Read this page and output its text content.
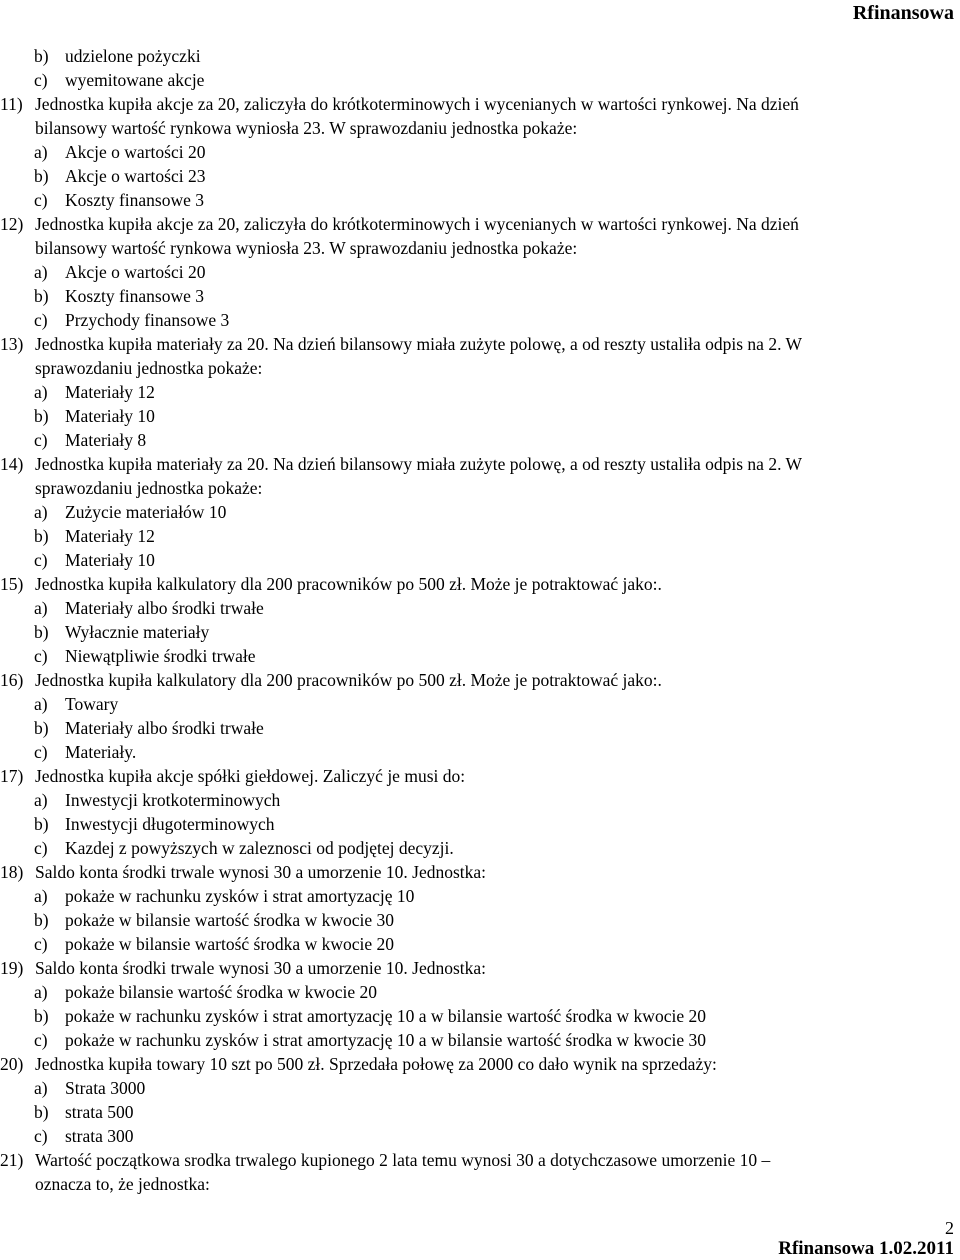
Rfinansowa
b) udzielone pożyczki
c) wyemitowane akcje
11) Jednostka kupiła akcje za 20, zaliczyła do krótkoterminowych i wycenianych w wartości rynkowej. Na dzień
bilansowy wartość rynkowa wyniosła 23. W sprawozdaniu jednostka pokaże:
a) Akcje o wartości 20
b) Akcje o wartości 23
c) Koszty finansowe 3
12) Jednostka kupiła akcje za 20, zaliczyła do krótkoterminowych i wycenianych w wartości rynkowej. Na dzień
bilansowy wartość rynkowa wyniosła 23. W sprawozdaniu jednostka pokaże:
a) Akcje o wartości 20
b) Koszty finansowe 3
c) Przychody finansowe 3
13) Jednostka kupiła materiały za 20. Na dzień bilansowy miała zużyte polowę, a od reszty ustaliła odpis na 2. W
sprawozdaniu jednostka pokaże:
a) Materiały 12
b) Materiały 10
c) Materiały 8
14) Jednostka kupiła materiały za 20. Na dzień bilansowy miała zużyte polowę, a od reszty ustaliła odpis na 2. W
sprawozdaniu jednostka pokaże:
a) Zużycie materiałów 10
b) Materiały 12
c) Materiały 10
15) Jednostka kupiła kalkulatory dla 200 pracowników po 500 zł. Może je potraktować jako:.
a) Materiały albo środki trwałe
b) Wyłacznie materiały
c) Niewątpliwie środki trwałe
16) Jednostka kupiła kalkulatory dla 200 pracowników po 500 zł. Może je potraktować jako:.
a) Towary
b) Materiały albo środki trwałe
c) Materiały.
17) Jednostka kupiła akcje spółki giełdowej. Zaliczyć je musi do:
a) Inwestycji krotkoterminowych
b) Inwestycji długoterminowych
c) Kazdej z powyższych w zaleznosci od podjętej decyzji.
18) Saldo konta środki trwale wynosi 30 a umorzenie 10. Jednostka:
a) pokaże w rachunku zysków i strat amortyzację 10
b) pokaże w bilansie wartość środka w kwocie 30
c) pokaże w bilansie wartość środka w kwocie 20
19) Saldo konta środki trwale wynosi 30 a umorzenie 10. Jednostka:
a) pokaże bilansie wartość środka w kwocie 20
b) pokaże w rachunku zysków i strat amortyzację 10 a w bilansie wartość środka w kwocie 20
c) pokaże w rachunku zysków i strat amortyzację 10 a w bilansie wartość środka w kwocie 30
20) Jednostka kupiła towary 10 szt po 500 zł. Sprzedała połowę za 2000 co dało wynik na sprzedaży:
a) Strata 3000
b) strata 500
c) strata 300
21) Wartość początkowa srodka trwalego kupionego 2 lata temu wynosi 30 a dotychczasowe umorzenie 10 –
oznacza to, że jednostka:
2
Rfinansowa 1.02.2011
